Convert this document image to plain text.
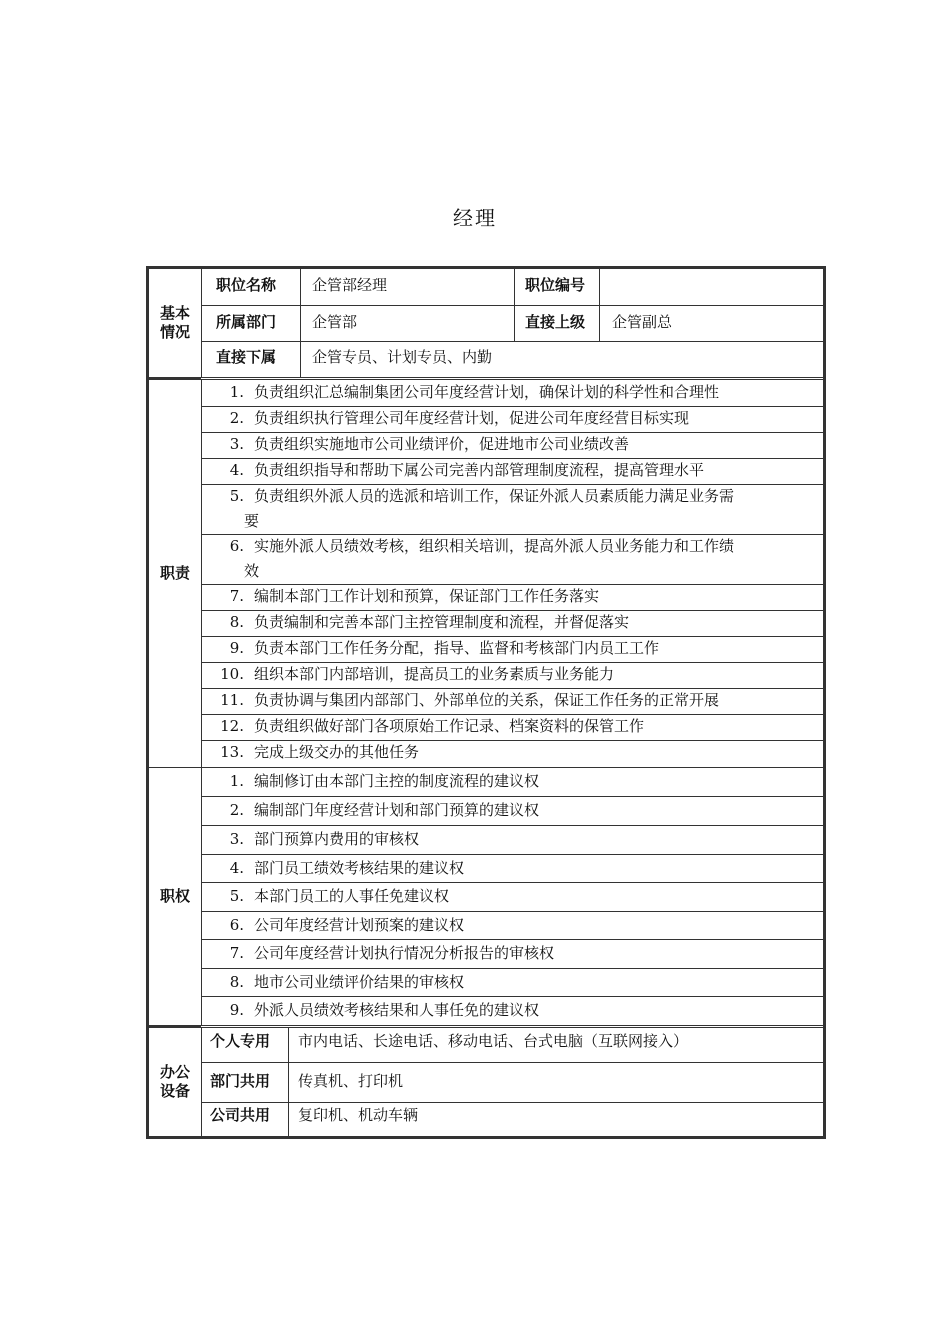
经理
基本情况
职位名称 企管部经理	职位编号
所属部门 企管部	直接上级 企管副总
直接下属 企管专员、计划专员、内勤
职责
1. 负责组织汇总编制集团公司年度经营计划，确保计划的科学性和合理性
2. 负责组织执行管理公司年度经营计划，促进公司年度经营目标实现
3. 负责组织实施地市公司业绩评价，促进地市公司业绩改善
4. 负责组织指导和帮助下属公司完善内部管理制度流程，提高管理水平
5. 负责组织外派人员的选派和培训工作，保证外派人员素质能力满足业务需
要
6. 实施外派人员绩效考核，组织相关培训，提高外派人员业务能力和工作绩
效
7. 编制本部门工作计划和预算，保证部门工作任务落实
8. 负责编制和完善本部门主控管理制度和流程，并督促落实
9. 负责本部门工作任务分配，指导、监督和考核部门内员工工作
10. 组织本部门内部培训，提高员工的业务素质与业务能力
11. 负责协调与集团内部部门、外部单位的关系，保证工作任务的正常开展
12. 负责组织做好部门各项原始工作记录、档案资料的保管工作
13. 完成上级交办的其他任务
职权
1. 编制修订由本部门主控的制度流程的建议权
2. 编制部门年度经营计划和部门预算的建议权
3. 部门预算内费用的审核权
4. 部门员工绩效考核结果的建议权
5. 本部门员工的人事任免建议权
6. 公司年度经营计划预案的建议权
7. 公司年度经营计划执行情况分析报告的审核权
8. 地市公司业绩评价结果的审核权
9. 外派人员绩效考核结果和人事任免的建议权
办公设备
个人专用 市内电话、长途电话、移动电话、台式电脑（互联网接入）
部门共用 传真机、打印机
公司共用 复印机、机动车辆
